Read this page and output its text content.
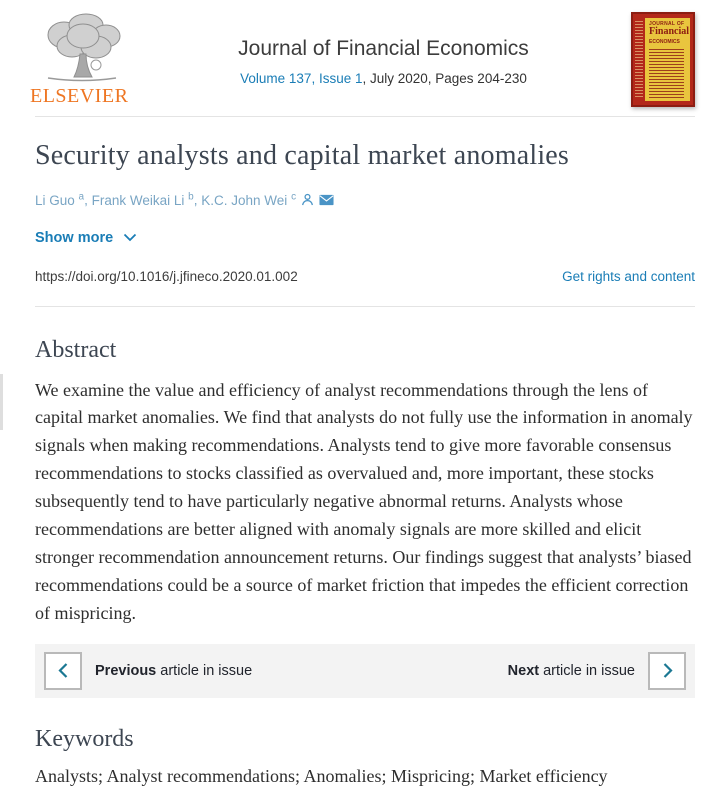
ELSEVIER
Journal of Financial Economics
Volume 137, Issue 1, July 2020, Pages 204-230
JOURNAL OF
Financial
ECONOMICS
Security analysts and capital market anomalies
Li Guo $^a$, Frank Weikai Li $^b$, K.C. John Wei $^c$
Show more
https://doi.org/10.1016/j.jfineco.2020.01.002	Get rights and content
Abstract

We examine the value and efficiency of analyst recommendations through the lens of capital market anomalies. We find that analysts do not fully use the information in anomaly signals when making recommendations. Analysts tend to give more favorable consensus recommendations to stocks classified as overvalued and, more important, these stocks subsequently tend to have particularly negative abnormal returns. Analysts whose recommendations are better aligned with anomaly signals are more skilled and elicit stronger recommendation announcement returns. Our findings suggest that analysts’ biased recommendations could be a source of market friction that impedes the efficient correction of mispricing.

Previous article in issue	Next article in issue
Keywords

Analysts; Analyst recommendations; Anomalies; Mispricing; Market efficiency
